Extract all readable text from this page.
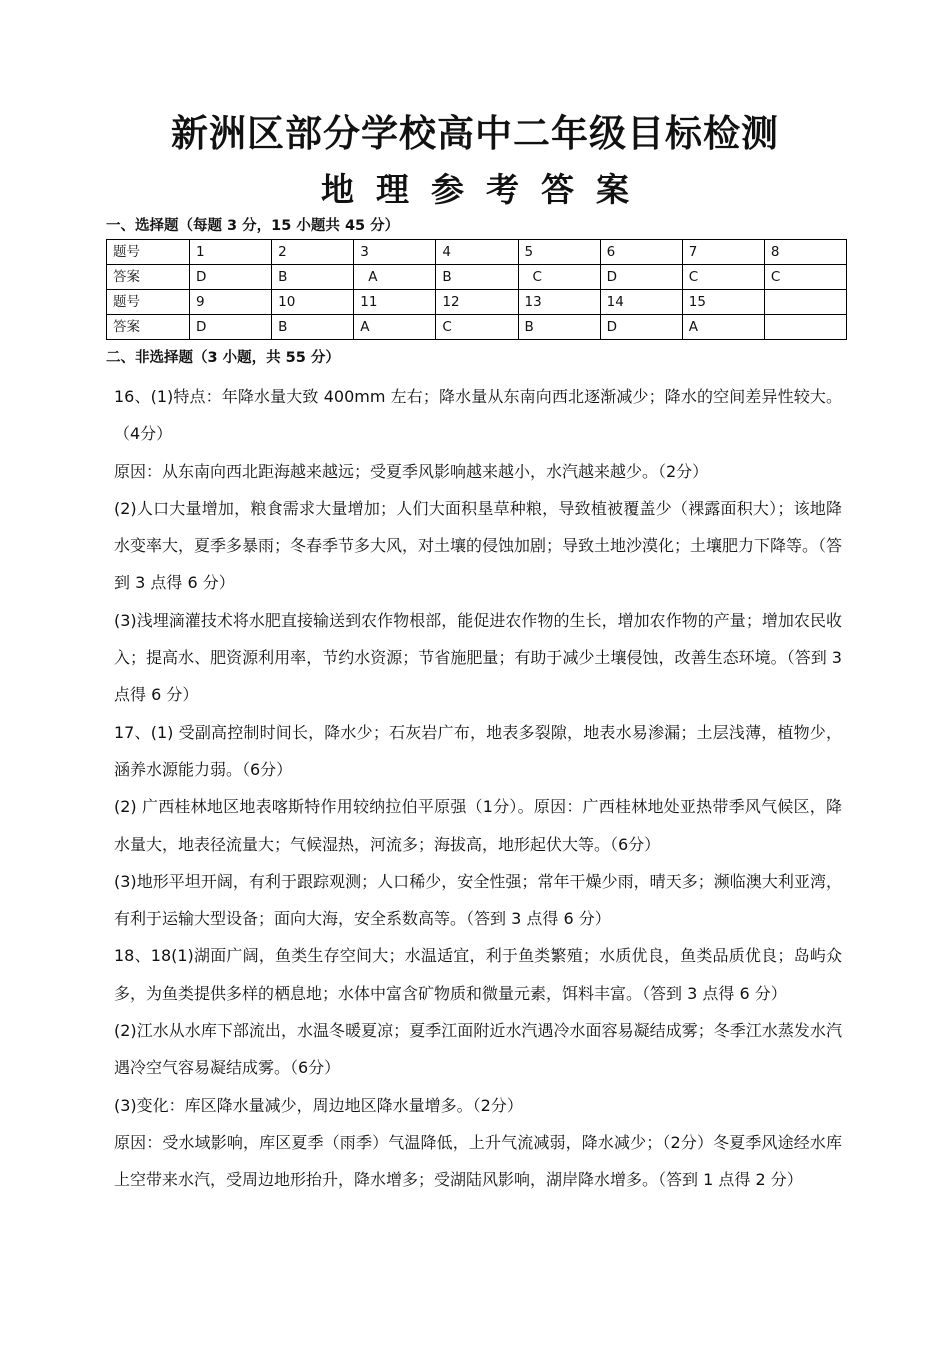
新洲区部分学校高中二年级目标检测
地理参考答案
一、选择题（每题 3 分，15 小题共 45 分）
题号	1	2	3	4	5	6	7	8
答案	D	B	A	B	C	D	C	C
题号	9	10	11	12	13	14	15	
答案	D	B	A	C	B	D	A	
二、非选择题（3 小题，共 55 分）

16、(1)特点：年降水量大致 400mm 左右；降水量从东南向西北逐渐减少；降水的空间差异性较大。（4分）

原因：从东南向西北距海越来越远；受夏季风影响越来越小，水汽越来越少。（2分）

(2)人口大量增加，粮食需求大量增加；人们大面积垦草种粮，导致植被覆盖少（裸露面积大）；该地降水变率大，夏季多暴雨；冬春季节多大风，对土壤的侵蚀加剧；导致土地沙漠化；土壤肥力下降等。（答到 3 点得 6 分）

(3)浅埋滴灌技术将水肥直接输送到农作物根部，能促进农作物的生长，增加农作物的产量；增加农民收入；提高水、肥资源利用率，节约水资源；节省施肥量；有助于减少土壤侵蚀，改善生态环境。（答到 3 点得 6 分）

17、(1) 受副高控制时间长，降水少；石灰岩广布，地表多裂隙，地表水易渗漏；土层浅薄，植物少，涵养水源能力弱。（6分）

(2) 广西桂林地区地表喀斯特作用较纳拉伯平原强（1分）。原因：广西桂林地处亚热带季风气候区，降水量大，地表径流量大；气候湿热，河流多；海拔高，地形起伏大等。（6分）

(3)地形平坦开阔，有利于跟踪观测；人口稀少，安全性强；常年干燥少雨，晴天多；濒临澳大利亚湾，有利于运输大型设备；面向大海，安全系数高等。（答到 3 点得 6 分）

18、18(1)湖面广阔，鱼类生存空间大；水温适宜，利于鱼类繁殖；水质优良，鱼类品质优良；岛屿众多，为鱼类提供多样的栖息地；水体中富含矿物质和微量元素，饵料丰富。（答到 3 点得 6 分）

(2)江水从水库下部流出，水温冬暖夏凉；夏季江面附近水汽遇冷水面容易凝结成雾；冬季江水蒸发水汽遇冷空气容易凝结成雾。（6分）

(3)变化：库区降水量减少，周边地区降水量增多。（2分）

原因：受水域影响，库区夏季（雨季）气温降低，上升气流减弱，降水减少；（2分）冬夏季风途经水库上空带来水汽，受周边地形抬升，降水增多；受湖陆风影响，湖岸降水增多。（答到 1 点得 2 分）
